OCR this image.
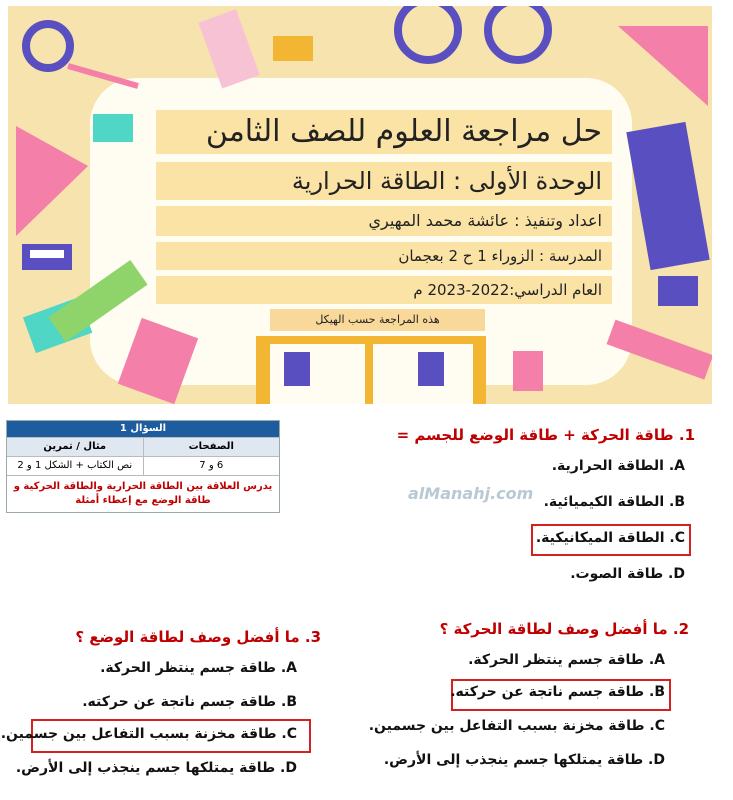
حل مراجعة العلوم للصف الثامن
الوحدة الأولى : الطاقة الحرارية
اعداد وتنفيذ : عائشة محمد المهيري
المدرسة : الزوراء 1 ح 2 بعجمان
العام الدراسي:2022-2023 م
هذه المراجعة حسب الهيكل
السؤال 1
الصفحات
مثال / تمرين
6 و 7
نص الكتاب + الشكل 1 و 2
يدرس العلاقة بين الطاقة الحرارية والطاقة الحركية و طاقة الوضع مع إعطاء أمثلة	alManahj.com
1. طاقة الحركة + طاقة الوضع للجسم =
A. الطاقة الحرارية.
B. الطاقة الكيميائية.
C. الطاقة الميكانيكية.
D. طاقة الصوت.
2. ما أفضل وصف لطاقة الحركة ؟
A. طاقة جسم ينتظر الحركة.
B. طاقة جسم ناتجة عن حركته.
C. طاقة مخزنة بسبب التفاعل بين جسمين.
D. طاقة يمتلكها جسم ينجذب إلى الأرض.
3. ما أفضل وصف لطاقة الوضع ؟
A. طاقة جسم ينتظر الحركة.
B. طاقة جسم ناتجة عن حركته.
C. طاقة مخزنة بسبب التفاعل بين جسمين.
D. طاقة يمتلكها جسم ينجذب إلى الأرض.
